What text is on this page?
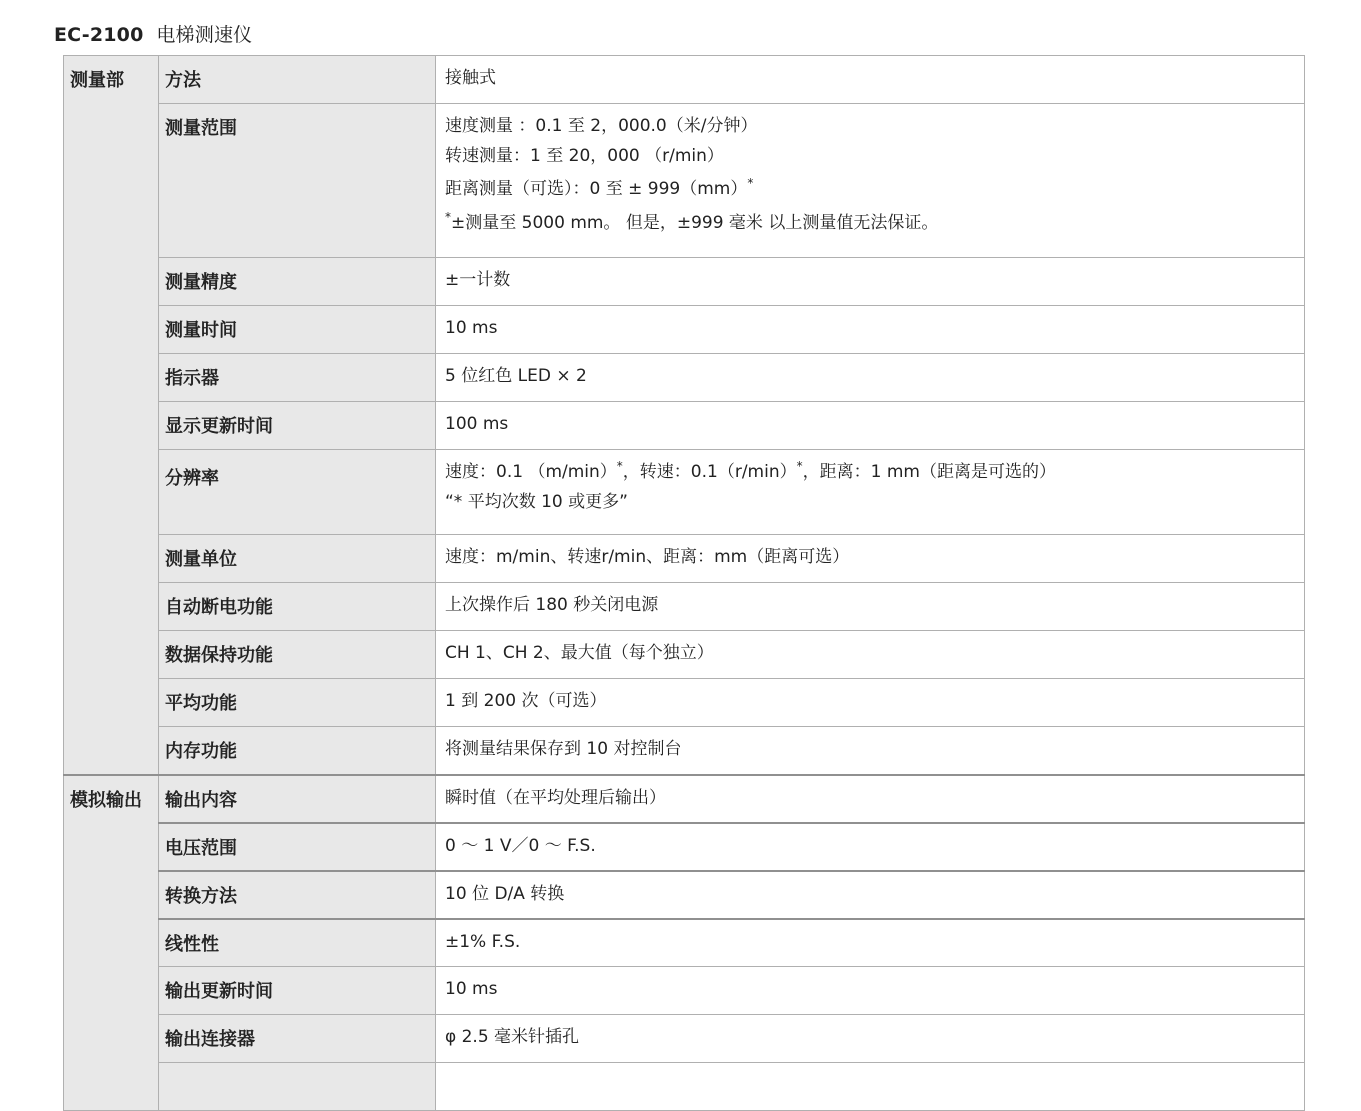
EC-2100 电梯测速仪
测量部	方法	接触式

	测量范围	速度测量 ：0.1 至 2，000.0（米/分钟）
转速测量：1 至 20，000 （r/min）
距离测量（可选）：0 至 ± 999（mm）*
*±测量至 5000 mm。 但是，±999 毫米 以上测量值无法保证。

	测量精度	±一计数

	测量时间	10 ms

	指示器	5 位红色 LED × 2

	显示更新时间	100 ms

	分辨率	速度：0.1 （m/min）*，转速：0.1（r/min）*，距离：1 mm（距离是可选的）
“* 平均次数 10 或更多”

	测量单位	速度：m/min、转速r/min、距离：mm（距离可选）

	自动断电功能	上次操作后 180 秒关闭电源

	数据保持功能	CH 1、CH 2、最大值（每个独立）

	平均功能	1 到 200 次（可选）

	内存功能	将测量结果保存到 10 对控制台

模拟输出	输出内容	瞬时值（在平均处理后输出）

	电压范围	0 ～ 1 V／0 ～ F.S.

	转换方法	10 位 D/A 转换

	线性性	±1% F.S.

	输出更新时间	10 ms

	输出连接器	φ 2.5 毫米针插孔
